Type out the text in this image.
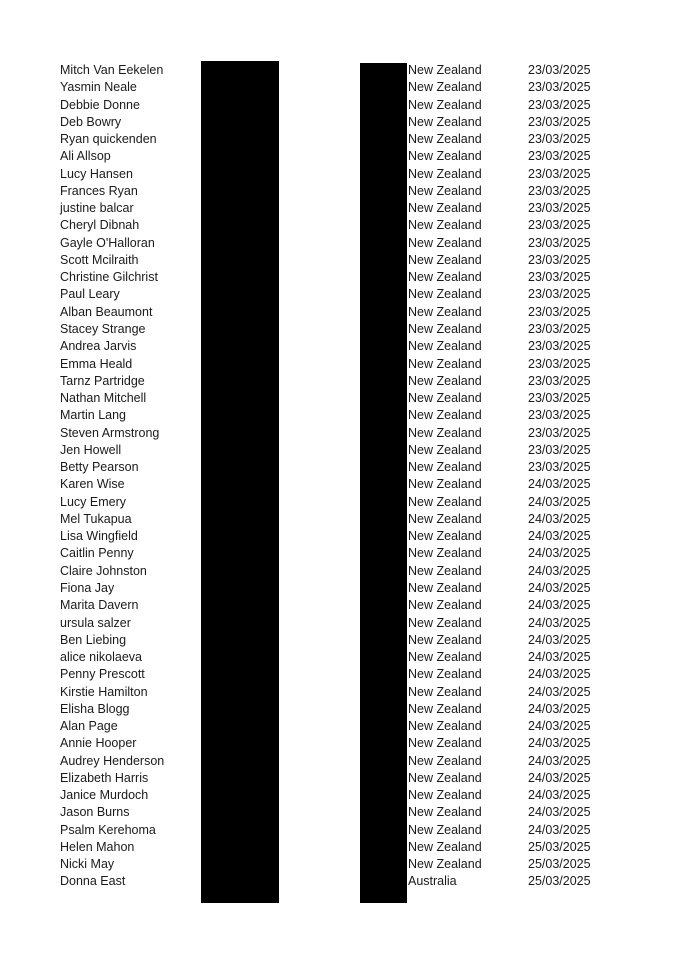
Mitch Van Eekelen	New Zealand	23/03/2025
Yasmin Neale	New Zealand	23/03/2025
Debbie Donne	New Zealand	23/03/2025
Deb Bowry	New Zealand	23/03/2025
Ryan quickenden	New Zealand	23/03/2025
Ali Allsop	New Zealand	23/03/2025
Lucy Hansen	New Zealand	23/03/2025
Frances Ryan	New Zealand	23/03/2025
justine balcar	New Zealand	23/03/2025
Cheryl Dibnah	New Zealand	23/03/2025
Gayle O'Halloran	New Zealand	23/03/2025
Scott Mcilraith	New Zealand	23/03/2025
Christine Gilchrist	New Zealand	23/03/2025
Paul Leary	New Zealand	23/03/2025
Alban Beaumont	New Zealand	23/03/2025
Stacey Strange	New Zealand	23/03/2025
Andrea Jarvis	New Zealand	23/03/2025
Emma Heald	New Zealand	23/03/2025
Tarnz Partridge	New Zealand	23/03/2025
Nathan Mitchell	New Zealand	23/03/2025
Martin Lang	New Zealand	23/03/2025
Steven Armstrong	New Zealand	23/03/2025
Jen Howell	New Zealand	23/03/2025
Betty Pearson	New Zealand	23/03/2025
Karen Wise	New Zealand	24/03/2025
Lucy Emery	New Zealand	24/03/2025
Mel Tukapua	New Zealand	24/03/2025
Lisa Wingfield	New Zealand	24/03/2025
Caitlin Penny	New Zealand	24/03/2025
Claire Johnston	New Zealand	24/03/2025
Fiona Jay	New Zealand	24/03/2025
Marita Davern	New Zealand	24/03/2025
ursula salzer	New Zealand	24/03/2025
Ben Liebing	New Zealand	24/03/2025
alice nikolaeva	New Zealand	24/03/2025
Penny Prescott	New Zealand	24/03/2025
Kirstie Hamilton	New Zealand	24/03/2025
Elisha Blogg	New Zealand	24/03/2025
Alan Page	New Zealand	24/03/2025
Annie Hooper	New Zealand	24/03/2025
Audrey Henderson	New Zealand	24/03/2025
Elizabeth Harris	New Zealand	24/03/2025
Janice Murdoch	New Zealand	24/03/2025
Jason Burns	New Zealand	24/03/2025
Psalm Kerehoma	New Zealand	24/03/2025
Helen Mahon	New Zealand	25/03/2025
Nicki May	New Zealand	25/03/2025
Donna East	Australia	25/03/2025
